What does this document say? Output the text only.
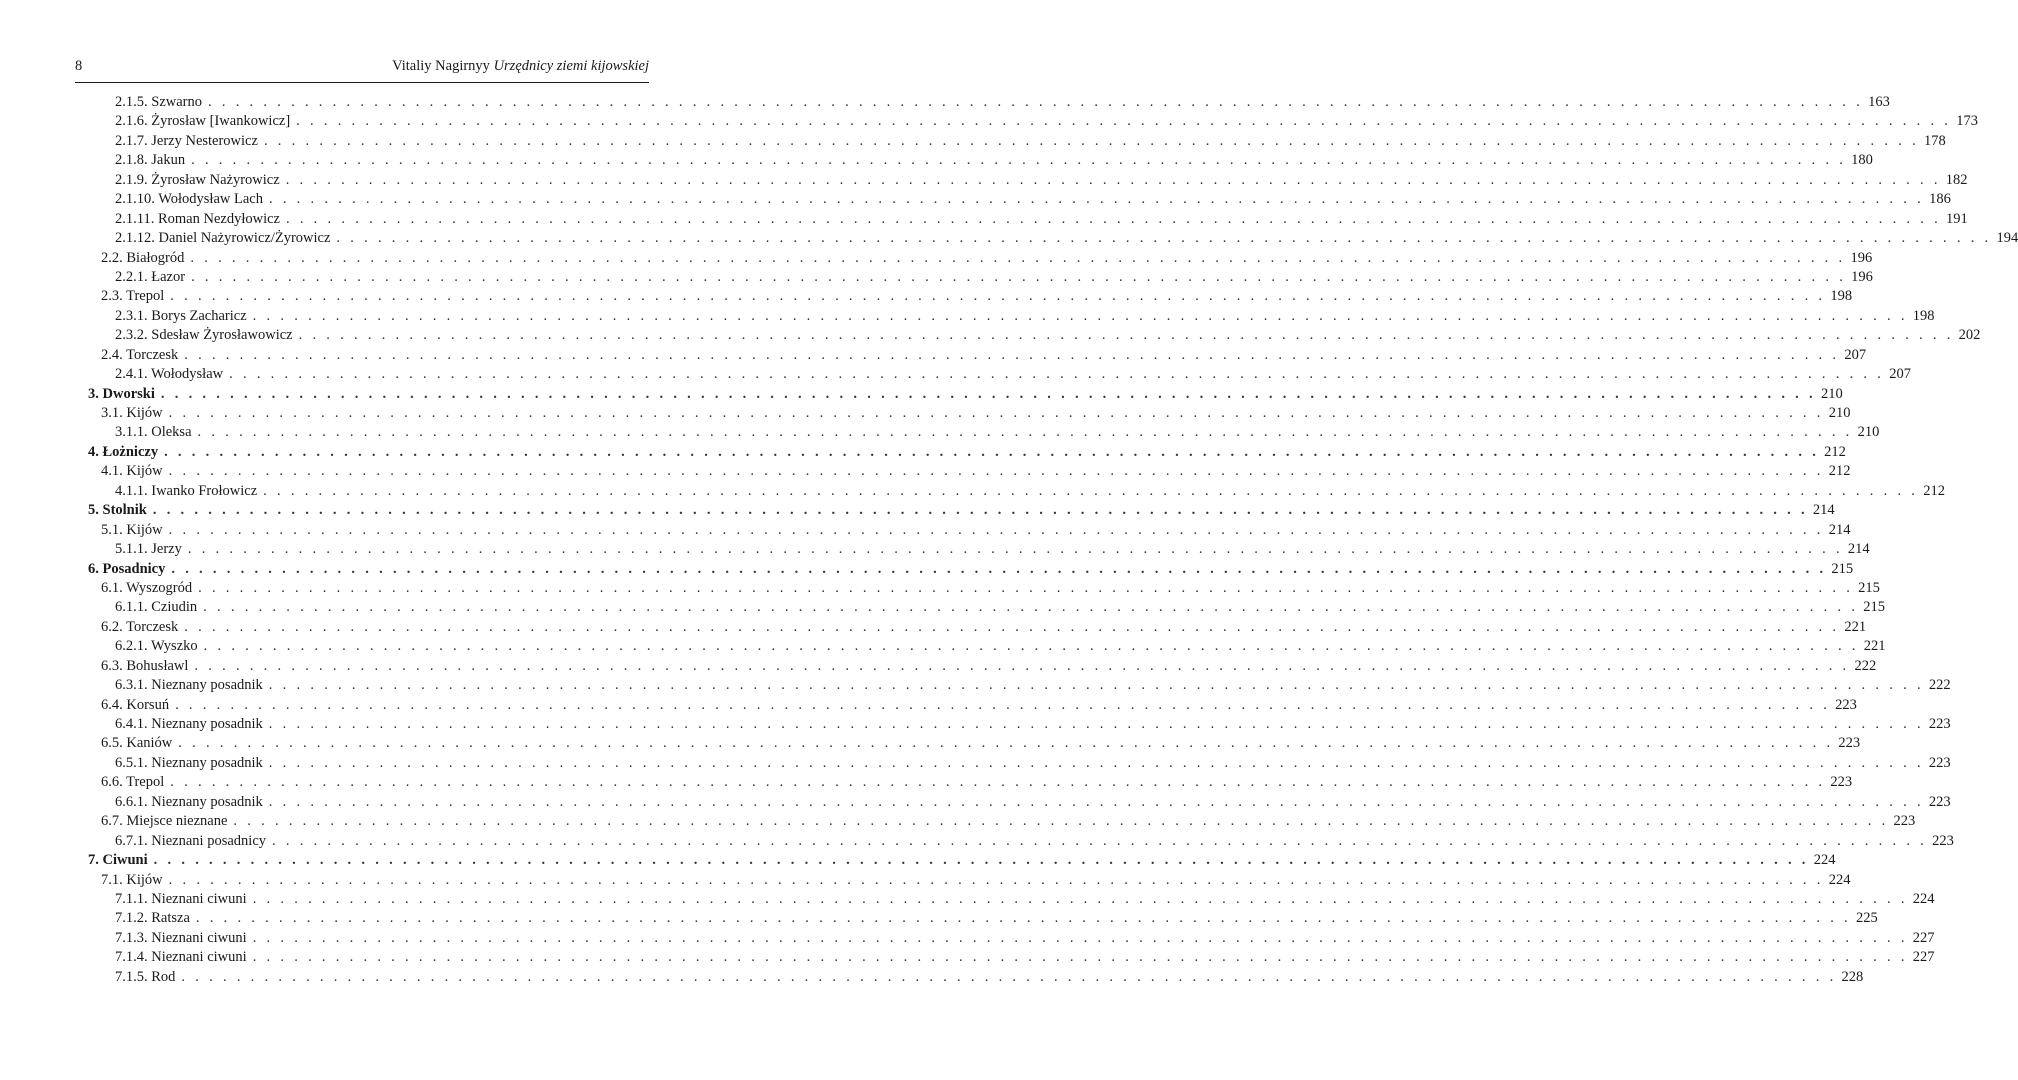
8	Vitaliy Nagirnyy Urzędnicy ziemi kijowskiej
2.1.5. Szwarno . . . . . . . . . . . . . . . . . . . . . . . . . . . . . . . . . . . . . . . . . . . . . . . . . . . . . . . . . . . . . . . . . . . . . . . . . . . . . . . . . . . . . . . . . . . . . . . . . . . . . . . . . . . . . . . . . . . . . . . . 163
2.1.6. Żyrosław [Iwankowicz] . . . . . . . . . . . . . . . . . . . . . . . . . . . . . . . . . . . . . . . . . . . . . . . . . . . . . . . . . . . . . . . . . . . . . . . . . . . . . . . . . . . . . . . . . . . . . . . . . . . . . . . . . . . . . . . . . . . . . . . . 173
2.1.7. Jerzy Nesterowicz . . . . . . . . . . . . . . . . . . . . . . . . . . . . . . . . . . . . . . . . . . . . . . . . . . . . . . . . . . . . . . . . . . . . . . . . . . . . . . . . . . . . . . . . . . . . . . . . . . . . . . . . . . . . . . . . . . . . . . . . 178
2.1.8. Jakun . . . . . . . . . . . . . . . . . . . . . . . . . . . . . . . . . . . . . . . . . . . . . . . . . . . . . . . . . . . . . . . . . . . . . . . . . . . . . . . . . . . . . . . . . . . . . . . . . . . . . . . . . . . . . . . . . . . . . . . . 180
2.1.9. Żyrosław Nażyrowicz . . . . . . . . . . . . . . . . . . . . . . . . . . . . . . . . . . . . . . . . . . . . . . . . . . . . . . . . . . . . . . . . . . . . . . . . . . . . . . . . . . . . . . . . . . . . . . . . . . . . . . . . . . . . . . . . . . . . . . . . 182
2.1.10. Wołodysław Lach . . . . . . . . . . . . . . . . . . . . . . . . . . . . . . . . . . . . . . . . . . . . . . . . . . . . . . . . . . . . . . . . . . . . . . . . . . . . . . . . . . . . . . . . . . . . . . . . . . . . . . . . . . . . . . . . . . . . . . . . 186
2.1.11. Roman Nezdyłowicz . . . . . . . . . . . . . . . . . . . . . . . . . . . . . . . . . . . . . . . . . . . . . . . . . . . . . . . . . . . . . . . . . . . . . . . . . . . . . . . . . . . . . . . . . . . . . . . . . . . . . . . . . . . . . . . . . . . . . . . . 191
2.1.12. Daniel Nażyrowicz/Żyrowicz . . . . . . . . . . . . . . . . . . . . . . . . . . . . . . . . . . . . . . . . . . . . . . . . . . . . . . . . . . . . . . . . . . . . . . . . . . . . . . . . . . . . . . . . . . . . . . . . . . . . . . . . . . . . . . . . . . . . . . . . 194
2.2. Białogród . . . . . . . . . . . . . . . . . . . . . . . . . . . . . . . . . . . . . . . . . . . . . . . . . . . . . . . . . . . . . . . . . . . . . . . . . . . . . . . . . . . . . . . . . . . . . . . . . . . . . . . . . . . . . . . . . . . . . . . . 196
2.2.1. Łazor . . . . . . . . . . . . . . . . . . . . . . . . . . . . . . . . . . . . . . . . . . . . . . . . . . . . . . . . . . . . . . . . . . . . . . . . . . . . . . . . . . . . . . . . . . . . . . . . . . . . . . . . . . . . . . . . . . . . . . . . 196
2.3. Trepol . . . . . . . . . . . . . . . . . . . . . . . . . . . . . . . . . . . . . . . . . . . . . . . . . . . . . . . . . . . . . . . . . . . . . . . . . . . . . . . . . . . . . . . . . . . . . . . . . . . . . . . . . . . . . . . . . . . . . . . . 198
2.3.1. Borys Zacharicz . . . . . . . . . . . . . . . . . . . . . . . . . . . . . . . . . . . . . . . . . . . . . . . . . . . . . . . . . . . . . . . . . . . . . . . . . . . . . . . . . . . . . . . . . . . . . . . . . . . . . . . . . . . . . . . . . . . . . . . . 198
2.3.2. Sdesław Żyrosławowicz . . . . . . . . . . . . . . . . . . . . . . . . . . . . . . . . . . . . . . . . . . . . . . . . . . . . . . . . . . . . . . . . . . . . . . . . . . . . . . . . . . . . . . . . . . . . . . . . . . . . . . . . . . . . . . . . . . . . . . . . 202
2.4. Torczesk . . . . . . . . . . . . . . . . . . . . . . . . . . . . . . . . . . . . . . . . . . . . . . . . . . . . . . . . . . . . . . . . . . . . . . . . . . . . . . . . . . . . . . . . . . . . . . . . . . . . . . . . . . . . . . . . . . . . . . . . 207
2.4.1. Wołodysław . . . . . . . . . . . . . . . . . . . . . . . . . . . . . . . . . . . . . . . . . . . . . . . . . . . . . . . . . . . . . . . . . . . . . . . . . . . . . . . . . . . . . . . . . . . . . . . . . . . . . . . . . . . . . . . . . . . . . . . . 207
3. Dworski . . . . . . . . . . . . . . . . . . . . . . . . . . . . . . . . . . . . . . . . . . . . . . . . . . . . . . . . . . . . . . . . . . . . . . . . . . . . . . . . . . . . . . . . . . . . . . . . . . . . . . . . . . . . . . . . . . . . . . . . 210
3.1. Kijów . . . . . . . . . . . . . . . . . . . . . . . . . . . . . . . . . . . . . . . . . . . . . . . . . . . . . . . . . . . . . . . . . . . . . . . . . . . . . . . . . . . . . . . . . . . . . . . . . . . . . . . . . . . . . . . . . . . . . . . . 210
3.1.1. Oleksa . . . . . . . . . . . . . . . . . . . . . . . . . . . . . . . . . . . . . . . . . . . . . . . . . . . . . . . . . . . . . . . . . . . . . . . . . . . . . . . . . . . . . . . . . . . . . . . . . . . . . . . . . . . . . . . . . . . . . . . . 210
4. Łożniczy . . . . . . . . . . . . . . . . . . . . . . . . . . . . . . . . . . . . . . . . . . . . . . . . . . . . . . . . . . . . . . . . . . . . . . . . . . . . . . . . . . . . . . . . . . . . . . . . . . . . . . . . . . . . . . . . . . . . . . . . 212
4.1. Kijów . . . . . . . . . . . . . . . . . . . . . . . . . . . . . . . . . . . . . . . . . . . . . . . . . . . . . . . . . . . . . . . . . . . . . . . . . . . . . . . . . . . . . . . . . . . . . . . . . . . . . . . . . . . . . . . . . . . . . . . . 212
4.1.1. Iwanko Frołowicz . . . . . . . . . . . . . . . . . . . . . . . . . . . . . . . . . . . . . . . . . . . . . . . . . . . . . . . . . . . . . . . . . . . . . . . . . . . . . . . . . . . . . . . . . . . . . . . . . . . . . . . . . . . . . . . . . . . . . . . . 212
5. Stolnik . . . . . . . . . . . . . . . . . . . . . . . . . . . . . . . . . . . . . . . . . . . . . . . . . . . . . . . . . . . . . . . . . . . . . . . . . . . . . . . . . . . . . . . . . . . . . . . . . . . . . . . . . . . . . . . . . . . . . . . . 214
5.1. Kijów . . . . . . . . . . . . . . . . . . . . . . . . . . . . . . . . . . . . . . . . . . . . . . . . . . . . . . . . . . . . . . . . . . . . . . . . . . . . . . . . . . . . . . . . . . . . . . . . . . . . . . . . . . . . . . . . . . . . . . . . 214
5.1.1. Jerzy . . . . . . . . . . . . . . . . . . . . . . . . . . . . . . . . . . . . . . . . . . . . . . . . . . . . . . . . . . . . . . . . . . . . . . . . . . . . . . . . . . . . . . . . . . . . . . . . . . . . . . . . . . . . . . . . . . . . . . . . 214
6. Posadnicy . . . . . . . . . . . . . . . . . . . . . . . . . . . . . . . . . . . . . . . . . . . . . . . . . . . . . . . . . . . . . . . . . . . . . . . . . . . . . . . . . . . . . . . . . . . . . . . . . . . . . . . . . . . . . . . . . . . . . . . . 215
6.1. Wyszogród . . . . . . . . . . . . . . . . . . . . . . . . . . . . . . . . . . . . . . . . . . . . . . . . . . . . . . . . . . . . . . . . . . . . . . . . . . . . . . . . . . . . . . . . . . . . . . . . . . . . . . . . . . . . . . . . . . . . . . . . 215
6.1.1. Cziudin . . . . . . . . . . . . . . . . . . . . . . . . . . . . . . . . . . . . . . . . . . . . . . . . . . . . . . . . . . . . . . . . . . . . . . . . . . . . . . . . . . . . . . . . . . . . . . . . . . . . . . . . . . . . . . . . . . . . . . . . 215
6.2. Torczesk . . . . . . . . . . . . . . . . . . . . . . . . . . . . . . . . . . . . . . . . . . . . . . . . . . . . . . . . . . . . . . . . . . . . . . . . . . . . . . . . . . . . . . . . . . . . . . . . . . . . . . . . . . . . . . . . . . . . . . . . 221
6.2.1. Wyszko . . . . . . . . . . . . . . . . . . . . . . . . . . . . . . . . . . . . . . . . . . . . . . . . . . . . . . . . . . . . . . . . . . . . . . . . . . . . . . . . . . . . . . . . . . . . . . . . . . . . . . . . . . . . . . . . . . . . . . . . 221
6.3. Bohusławl . . . . . . . . . . . . . . . . . . . . . . . . . . . . . . . . . . . . . . . . . . . . . . . . . . . . . . . . . . . . . . . . . . . . . . . . . . . . . . . . . . . . . . . . . . . . . . . . . . . . . . . . . . . . . . . . . . . . . . . . 222
6.3.1. Nieznany posadnik . . . . . . . . . . . . . . . . . . . . . . . . . . . . . . . . . . . . . . . . . . . . . . . . . . . . . . . . . . . . . . . . . . . . . . . . . . . . . . . . . . . . . . . . . . . . . . . . . . . . . . . . . . . . . . . . . . . . . . . . 222
6.4. Korsuń . . . . . . . . . . . . . . . . . . . . . . . . . . . . . . . . . . . . . . . . . . . . . . . . . . . . . . . . . . . . . . . . . . . . . . . . . . . . . . . . . . . . . . . . . . . . . . . . . . . . . . . . . . . . . . . . . . . . . . . . 223
6.4.1. Nieznany posadnik . . . . . . . . . . . . . . . . . . . . . . . . . . . . . . . . . . . . . . . . . . . . . . . . . . . . . . . . . . . . . . . . . . . . . . . . . . . . . . . . . . . . . . . . . . . . . . . . . . . . . . . . . . . . . . . . . . . . . . . . 223
6.5. Kaniów . . . . . . . . . . . . . . . . . . . . . . . . . . . . . . . . . . . . . . . . . . . . . . . . . . . . . . . . . . . . . . . . . . . . . . . . . . . . . . . . . . . . . . . . . . . . . . . . . . . . . . . . . . . . . . . . . . . . . . . . 223
6.5.1. Nieznany posadnik . . . . . . . . . . . . . . . . . . . . . . . . . . . . . . . . . . . . . . . . . . . . . . . . . . . . . . . . . . . . . . . . . . . . . . . . . . . . . . . . . . . . . . . . . . . . . . . . . . . . . . . . . . . . . . . . . . . . . . . . 223
6.6. Trepol . . . . . . . . . . . . . . . . . . . . . . . . . . . . . . . . . . . . . . . . . . . . . . . . . . . . . . . . . . . . . . . . . . . . . . . . . . . . . . . . . . . . . . . . . . . . . . . . . . . . . . . . . . . . . . . . . . . . . . . . 223
6.6.1. Nieznany posadnik . . . . . . . . . . . . . . . . . . . . . . . . . . . . . . . . . . . . . . . . . . . . . . . . . . . . . . . . . . . . . . . . . . . . . . . . . . . . . . . . . . . . . . . . . . . . . . . . . . . . . . . . . . . . . . . . . . . . . . . . 223
6.7. Miejsce nieznane . . . . . . . . . . . . . . . . . . . . . . . . . . . . . . . . . . . . . . . . . . . . . . . . . . . . . . . . . . . . . . . . . . . . . . . . . . . . . . . . . . . . . . . . . . . . . . . . . . . . . . . . . . . . . . . . . . . . . . . . 223
6.7.1. Nieznani posadnicy . . . . . . . . . . . . . . . . . . . . . . . . . . . . . . . . . . . . . . . . . . . . . . . . . . . . . . . . . . . . . . . . . . . . . . . . . . . . . . . . . . . . . . . . . . . . . . . . . . . . . . . . . . . . . . . . . . . . . . . . 223
7. Ciwuni . . . . . . . . . . . . . . . . . . . . . . . . . . . . . . . . . . . . . . . . . . . . . . . . . . . . . . . . . . . . . . . . . . . . . . . . . . . . . . . . . . . . . . . . . . . . . . . . . . . . . . . . . . . . . . . . . . . . . . . . 224
7.1. Kijów . . . . . . . . . . . . . . . . . . . . . . . . . . . . . . . . . . . . . . . . . . . . . . . . . . . . . . . . . . . . . . . . . . . . . . . . . . . . . . . . . . . . . . . . . . . . . . . . . . . . . . . . . . . . . . . . . . . . . . . . 224
7.1.1. Nieznani ciwuni . . . . . . . . . . . . . . . . . . . . . . . . . . . . . . . . . . . . . . . . . . . . . . . . . . . . . . . . . . . . . . . . . . . . . . . . . . . . . . . . . . . . . . . . . . . . . . . . . . . . . . . . . . . . . . . . . . . . . . . . 224
7.1.2. Ratsza . . . . . . . . . . . . . . . . . . . . . . . . . . . . . . . . . . . . . . . . . . . . . . . . . . . . . . . . . . . . . . . . . . . . . . . . . . . . . . . . . . . . . . . . . . . . . . . . . . . . . . . . . . . . . . . . . . . . . . . . 225
7.1.3. Nieznani ciwuni . . . . . . . . . . . . . . . . . . . . . . . . . . . . . . . . . . . . . . . . . . . . . . . . . . . . . . . . . . . . . . . . . . . . . . . . . . . . . . . . . . . . . . . . . . . . . . . . . . . . . . . . . . . . . . . . . . . . . . . . 227
7.1.4. Nieznani ciwuni . . . . . . . . . . . . . . . . . . . . . . . . . . . . . . . . . . . . . . . . . . . . . . . . . . . . . . . . . . . . . . . . . . . . . . . . . . . . . . . . . . . . . . . . . . . . . . . . . . . . . . . . . . . . . . . . . . . . . . . . 227
7.1.5. Rod . . . . . . . . . . . . . . . . . . . . . . . . . . . . . . . . . . . . . . . . . . . . . . . . . . . . . . . . . . . . . . . . . . . . . . . . . . . . . . . . . . . . . . . . . . . . . . . . . . . . . . . . . . . . . . . . . . . . . . . . 228
